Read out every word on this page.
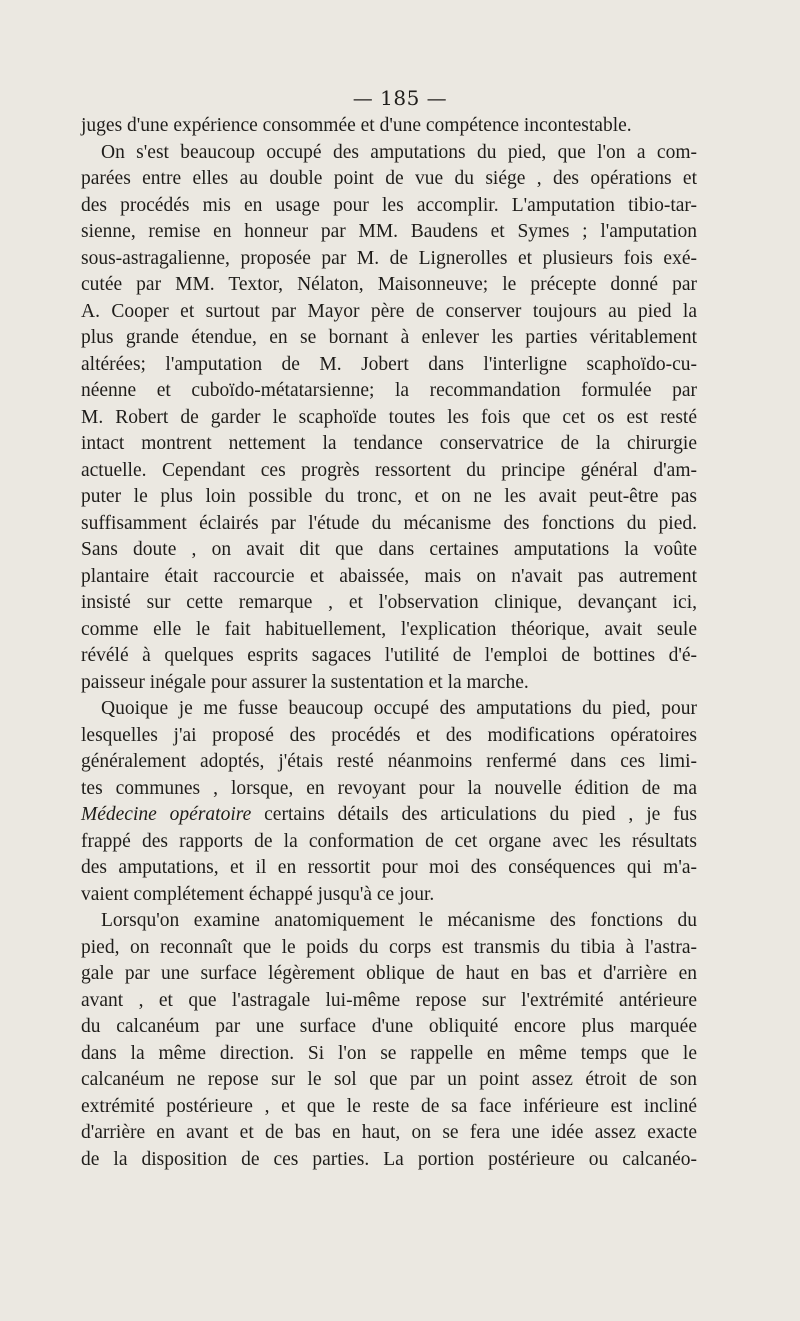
— 185 —
juges d'une expérience consommée et d'une compétence incontestable.
On s'est beaucoup occupé des amputations du pied, que l'on a com-
parées entre elles au double point de vue du siége , des opérations et
des procédés mis en usage pour les accomplir. L'amputation tibio-tar-
sienne, remise en honneur par MM. Baudens et Symes ; l'amputation
sous-astragalienne, proposée par M. de Lignerolles et plusieurs fois exé-
cutée par MM. Textor, Nélaton, Maisonneuve; le précepte donné par
A. Cooper et surtout par Mayor père de conserver toujours au pied la
plus grande étendue, en se bornant à enlever les parties véritablement
altérées; l'amputation de M. Jobert dans l'interligne scaphoïdo-cu-
néenne et cuboïdo-métatarsienne; la recommandation formulée par
M. Robert de garder le scaphoïde toutes les fois que cet os est resté
intact montrent nettement la tendance conservatrice de la chirurgie
actuelle. Cependant ces progrès ressortent du principe général d'am-
puter le plus loin possible du tronc, et on ne les avait peut-être pas
suffisamment éclairés par l'étude du mécanisme des fonctions du pied.
Sans doute , on avait dit que dans certaines amputations la voûte
plantaire était raccourcie et abaissée, mais on n'avait pas autrement
insisté sur cette remarque , et l'observation clinique, devançant ici,
comme elle le fait habituellement, l'explication théorique, avait seule
révélé à quelques esprits sagaces l'utilité de l'emploi de bottines d'é-
paisseur inégale pour assurer la sustentation et la marche.
Quoique je me fusse beaucoup occupé des amputations du pied, pour
lesquelles j'ai proposé des procédés et des modifications opératoires
généralement adoptés, j'étais resté néanmoins renfermé dans ces limi-
tes communes , lorsque, en revoyant pour la nouvelle édition de ma
Médecine opératoire certains détails des articulations du pied , je fus
frappé des rapports de la conformation de cet organe avec les résultats
des amputations, et il en ressortit pour moi des conséquences qui m'a-
vaient complétement échappé jusqu'à ce jour.
Lorsqu'on examine anatomiquement le mécanisme des fonctions du
pied, on reconnaît que le poids du corps est transmis du tibia à l'astra-
gale par une surface légèrement oblique de haut en bas et d'arrière en
avant , et que l'astragale lui-même repose sur l'extrémité antérieure
du calcanéum par une surface d'une obliquité encore plus marquée
dans la même direction. Si l'on se rappelle en même temps que le
calcanéum ne repose sur le sol que par un point assez étroit de son
extrémité postérieure , et que le reste de sa face inférieure est incliné
d'arrière en avant et de bas en haut, on se fera une idée assez exacte
de la disposition de ces parties. La portion postérieure ou calcanéo-
